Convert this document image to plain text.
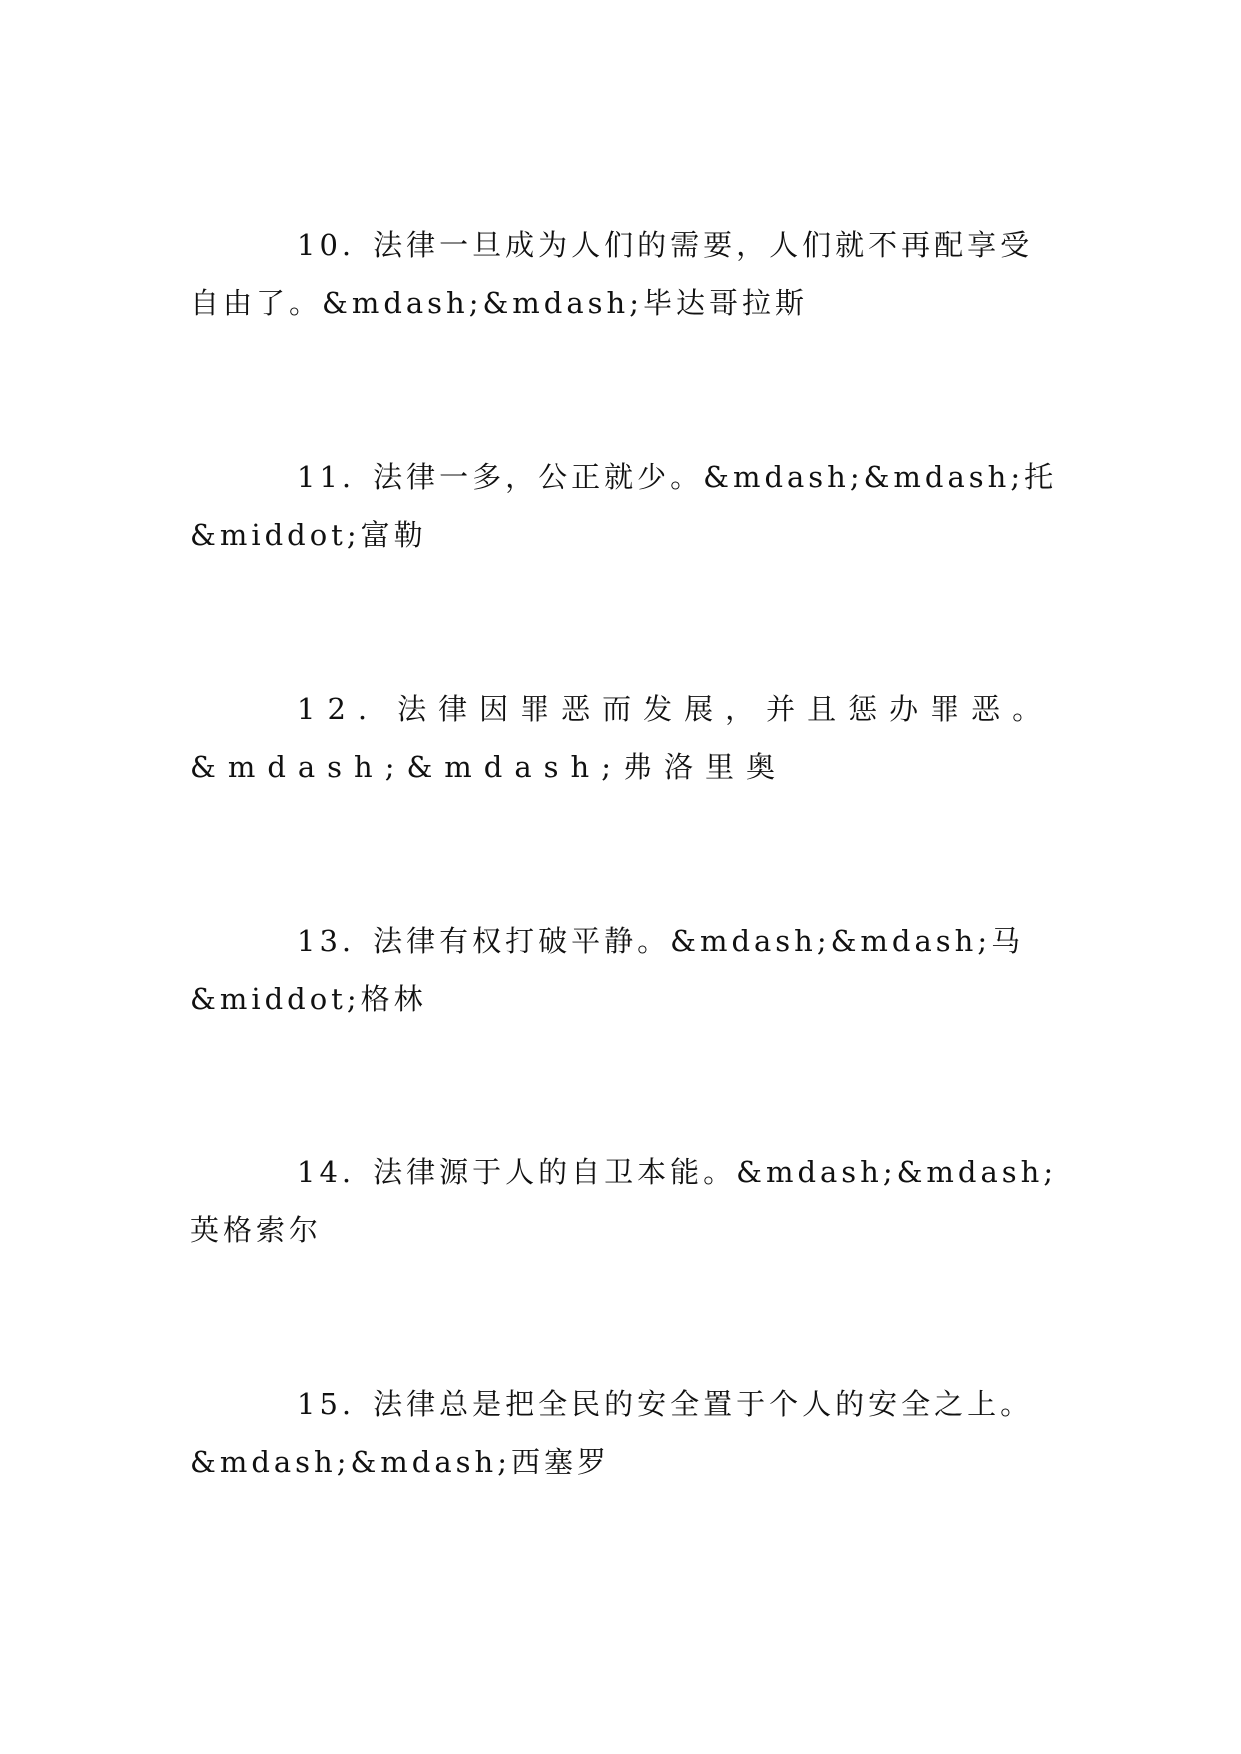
10. 法律一旦成为人们的需要，人们就不再配享受自由了。&mdash;&mdash;毕达哥拉斯

11. 法律一多，公正就少。&mdash;&mdash;托&middot;富勒

12. 法律因罪恶而发展，并且惩办罪恶。&mdash;&mdash;弗洛里奥

13. 法律有权打破平静。&mdash;&mdash;马&middot;格林

14. 法律源于人的自卫本能。&mdash;&mdash;英格索尔

15. 法律总是把全民的安全置于个人的安全之上。&mdash;&mdash;西塞罗
